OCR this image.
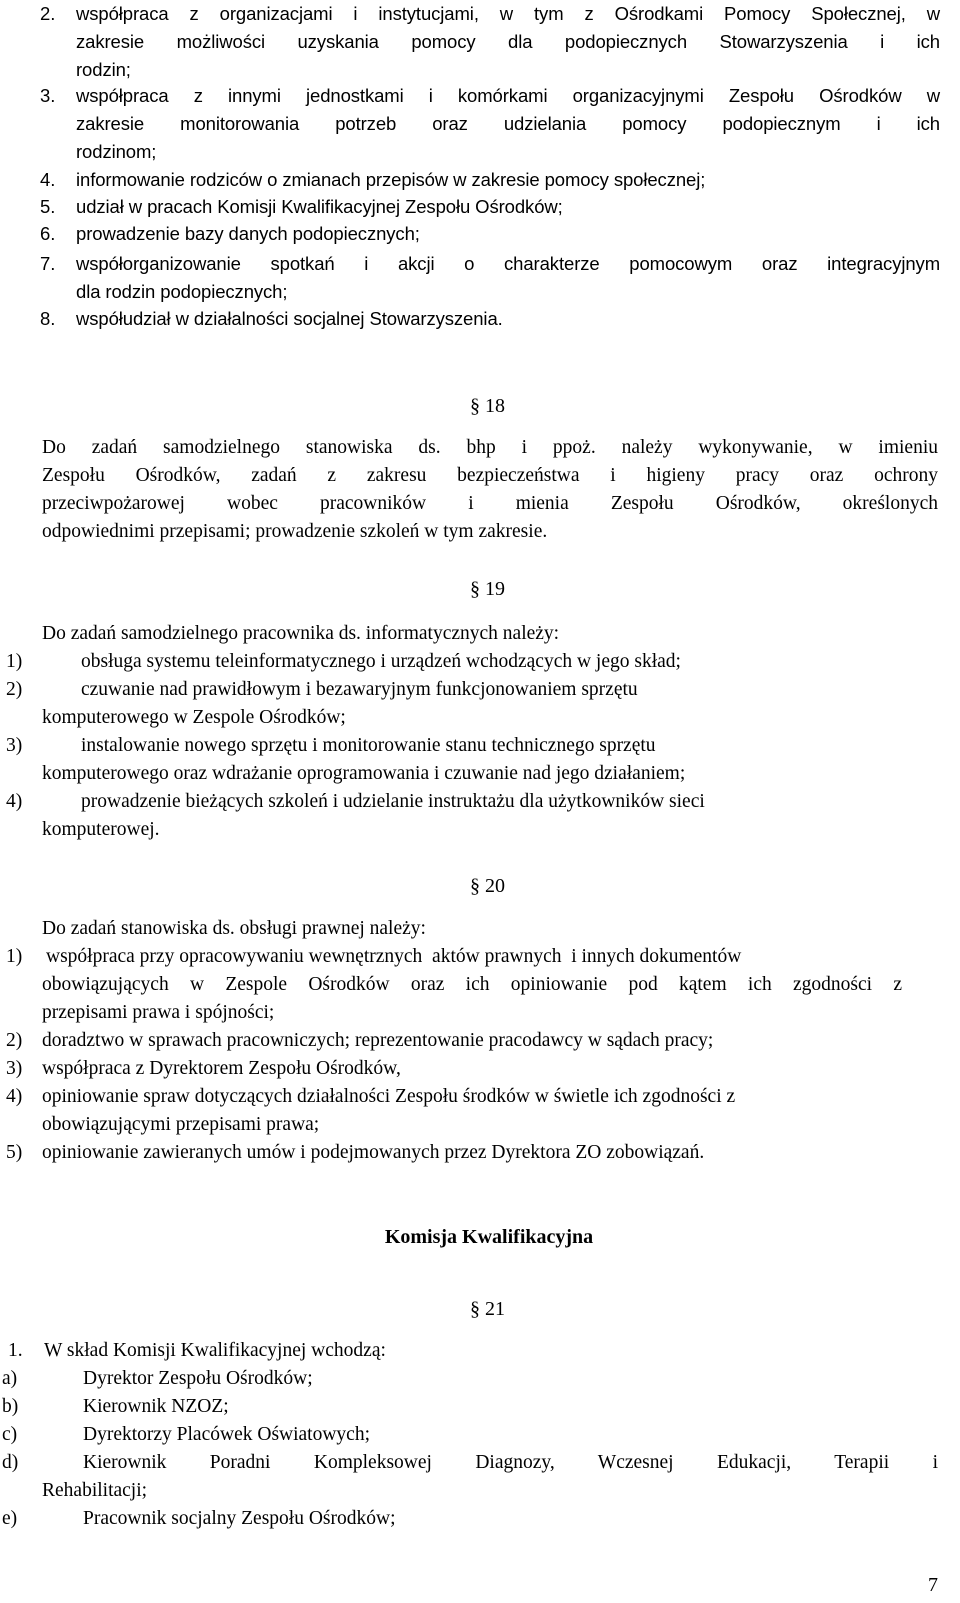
2. współpraca z organizacjami i instytucjami, w tym z Ośrodkami Pomocy Społecznej, w
zakresie możliwości uzyskania pomocy dla podopiecznych Stowarzyszenia i ich
rodzin;
3. współpraca z innymi jednostkami i komórkami organizacyjnymi Zespołu Ośrodków w
zakresie monitorowania potrzeb oraz udzielania pomocy podopiecznym i ich
rodzinom;
4. informowanie rodziców o zmianach przepisów w zakresie pomocy społecznej;
5. udział w pracach Komisji Kwalifikacyjnej Zespołu Ośrodków;
6. prowadzenie bazy danych podopiecznych;
7. współorganizowanie spotkań i akcji o charakterze pomocowym oraz integracyjnym
dla rodzin podopiecznych;
8. współudział w działalności socjalnej Stowarzyszenia.
§ 18
Do zadań samodzielnego stanowiska ds. bhp i ppoż. należy wykonywanie, w imieniu
Zespołu Ośrodków, zadań z zakresu bezpieczeństwa i higieny pracy oraz ochrony
przeciwpożarowej wobec pracowników i mienia Zespołu Ośrodków, określonych
odpowiednimi przepisami; prowadzenie szkoleń w tym zakresie.
§ 19
Do zadań samodzielnego pracownika ds. informatycznych należy:
1)	obsługa systemu teleinformatycznego i urządzeń wchodzących w jego skład;
2)	czuwanie nad prawidłowym i bezawaryjnym funkcjonowaniem sprzętu
komputerowego w Zespole Ośrodków;
3)	instalowanie nowego sprzętu i monitorowanie stanu technicznego sprzętu
komputerowego oraz wdrażanie oprogramowania i czuwanie nad jego działaniem;
4)	prowadzenie bieżących szkoleń i udzielanie instruktażu dla użytkowników sieci
komputerowej.
§ 20
Do zadań stanowiska ds. obsługi prawnej należy:
1) współpraca przy opracowywaniu wewnętrznych  aktów prawnych  i innych dokumentów
obowiązujących w Zespole Ośrodków oraz ich opiniowanie pod kątem ich zgodności z
przepisami prawa i spójności;
2) doradztwo w sprawach pracowniczych; reprezentowanie pracodawcy w sądach pracy;
3) współpraca z Dyrektorem Zespołu Ośrodków,
4) opiniowanie spraw dotyczących działalności Zespołu środków w świetle ich zgodności z
obowiązującymi przepisami prawa;
5) opiniowanie zawieranych umów i podejmowanych przez Dyrektora ZO zobowiązań.
Komisja Kwalifikacyjna
§ 21
1. W skład Komisji Kwalifikacyjnej wchodzą:
a)	Dyrektor Zespołu Ośrodków;
b)	Kierownik NZOZ;
c)	Dyrektorzy Placówek Oświatowych;
d)	Kierownik Poradni Kompleksowej Diagnozy, Wczesnej Edukacji, Terapii i
Rehabilitacji;
e)	Pracownik socjalny Zespołu Ośrodków;
7
